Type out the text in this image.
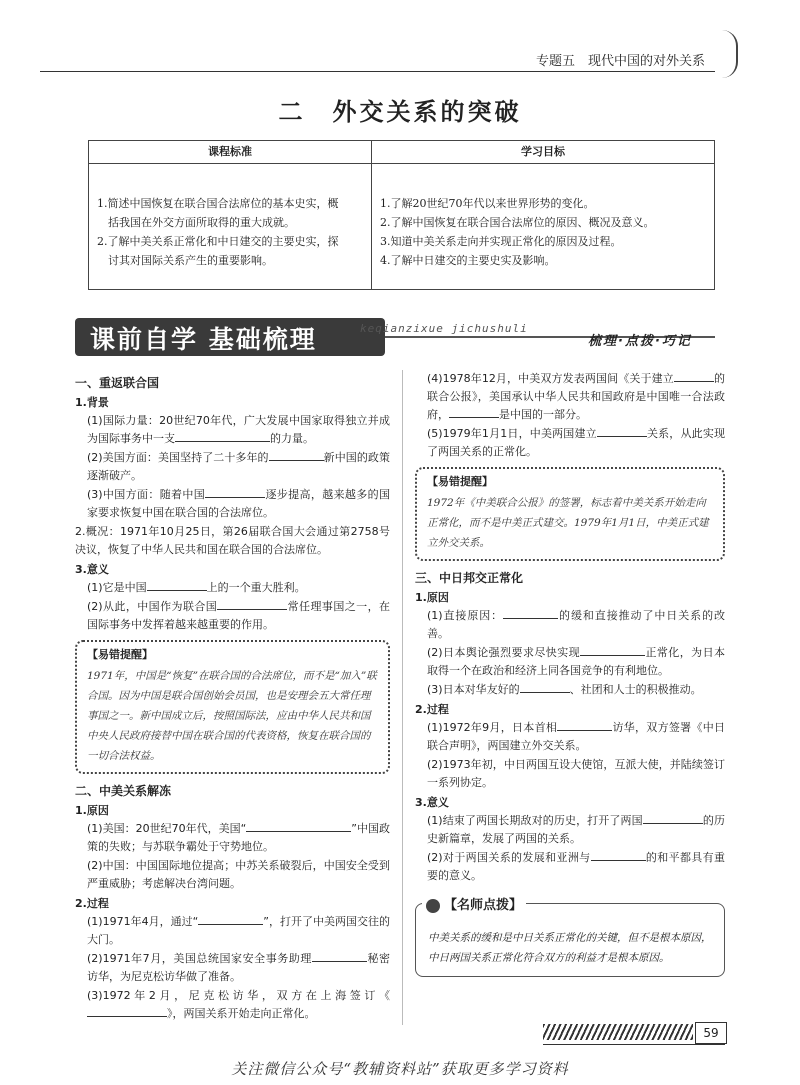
专题五　现代中国的对外关系
二　外交关系的突破
课程标准
1.简述中国恢复在联合国合法席位的基本史实，概
　括我国在外交方面所取得的重大成就。
2.了解中美关系正常化和中日建交的主要史实，探
　讨其对国际关系产生的重要影响。
学习目标
1.了解20世纪70年代以来世界形势的变化。
2.了解中国恢复在联合国合法席位的原因、概况及意义。
3.知道中美关系走向并实现正常化的原因及过程。
4.了解中日建交的主要史实及影响。
课前自学 基础梳理	keqianzixue jichushuli
梳理·点拨·巧记
一、重返联合国
1.背景

(1)国际力量：20世纪70年代，广大发展中国家取得独立并成为国际事务中一支	的力量。

(2)美国方面：美国坚持了二十多年的	新中国的政策逐渐破产。

(3)中国方面：随着中国	逐步提高，越来越多的国家要求恢复中国在联合国的合法席位。

2.概况：1971年10月25日，第26届联合国大会通过第2758号决议，恢复了中华人民共和国在联合国的合法席位。

3.意义

(1)它是中国	上的一个重大胜利。

(2)从此，中国作为联合国	常任理事国之一，在国际事务中发挥着越来越重要的作用。

【易错提醒】
1971年，中国是“恢复”在联合国的合法席位，而不是“加入”联合国。因为中国是联合国创始会员国，也是安理会五大常任理事国之一。新中国成立后，按照国际法，应由中华人民共和国中央人民政府接替中国在联合国的代表资格，恢复在联合国的一切合法权益。
二、中美关系解冻
1.原因

(1)美国：20世纪70年代，美国“	”中国政策的失败；与苏联争霸处于守势地位。

(2)中国：中国国际地位提高；中苏关系破裂后，中国安全受到严重威胁；考虑解决台湾问题。

2.过程

(1)1971年4月，通过“	”，打开了中美两国交往的大门。

(2)1971年7月，美国总统国家安全事务助理	秘密访华，为尼克松访华做了准备。

(3)1972年2月，尼克松访华，双方在上海签订《》，两国关系开始走向正常化。

(4)1978年12月，中美双方发表两国间《关于建立	的联合公报》，美国承认中华人民共和国政府是中国唯一合法政府，	是中国的一部分。

(5)1979年1月1日，中美两国建立	关系，从此实现了两国关系的正常化。

【易错提醒】
1972年《中美联合公报》的签署，标志着中美关系开始走向正常化，而不是中美正式建交。1979年1月1日，中美正式建立外交关系。
三、中日邦交正常化
1.原因

(1)直接原因：	的缓和直接推动了中日关系的改善。

(2)日本舆论强烈要求尽快实现	正常化，为日本取得一个在政治和经济上同各国竞争的有利地位。

(3)日本对华友好的	、社团和人士的积极推动。

2.过程

(1)1972年9月，日本首相	访华，双方签署《中日联合声明》，两国建立外交关系。

(2)1973年初，中日两国互设大使馆，互派大使，并陆续签订一系列协定。

3.意义

(1)结束了两国长期敌对的历史，打开了两国	的历史新篇章，发展了两国的关系。

(2)对于两国关系的发展和亚洲与	的和平都具有重要的意义。

【名师点拨】
中美关系的缓和是中日关系正常化的关键，但不是根本原因，中日两国关系正常化符合双方的利益才是根本原因。
59
关注微信公众号“教辅资料站”获取更多学习资料
